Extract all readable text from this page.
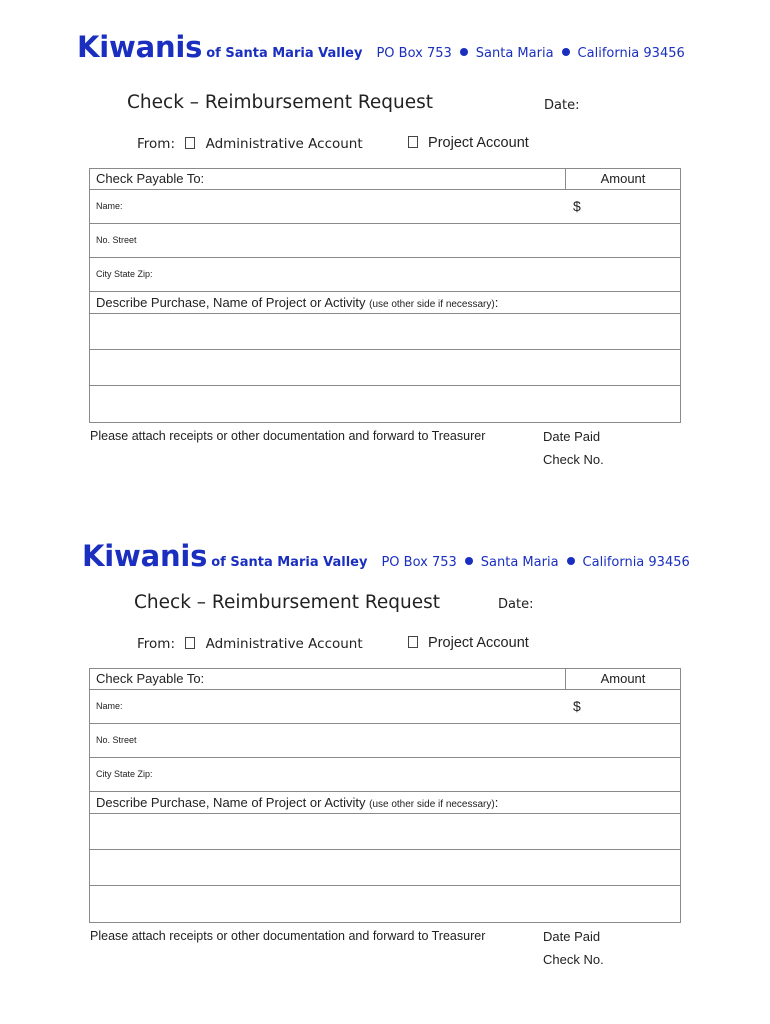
Kiwanis of Santa Maria Valley PO Box 753 Santa Maria California 93456
Check – Reimbursement Request	Date:
From: Administrative Account	Project Account
Check Payable To:	Amount
Name:	$
No. Street
City State Zip:
Describe Purchase, Name of Project or Activity (use other side if necessary):
Please attach receipts or other documentation and forward to Treasurer	Date Paid
Check No.
Kiwanis of Santa Maria Valley PO Box 753 Santa Maria California 93456
Check – Reimbursement Request	Date:
From: Administrative Account	Project Account
Check Payable To:	Amount
Name:	$
No. Street
City State Zip:
Describe Purchase, Name of Project or Activity (use other side if necessary):
Please attach receipts or other documentation and forward to Treasurer	Date Paid
Check No.
